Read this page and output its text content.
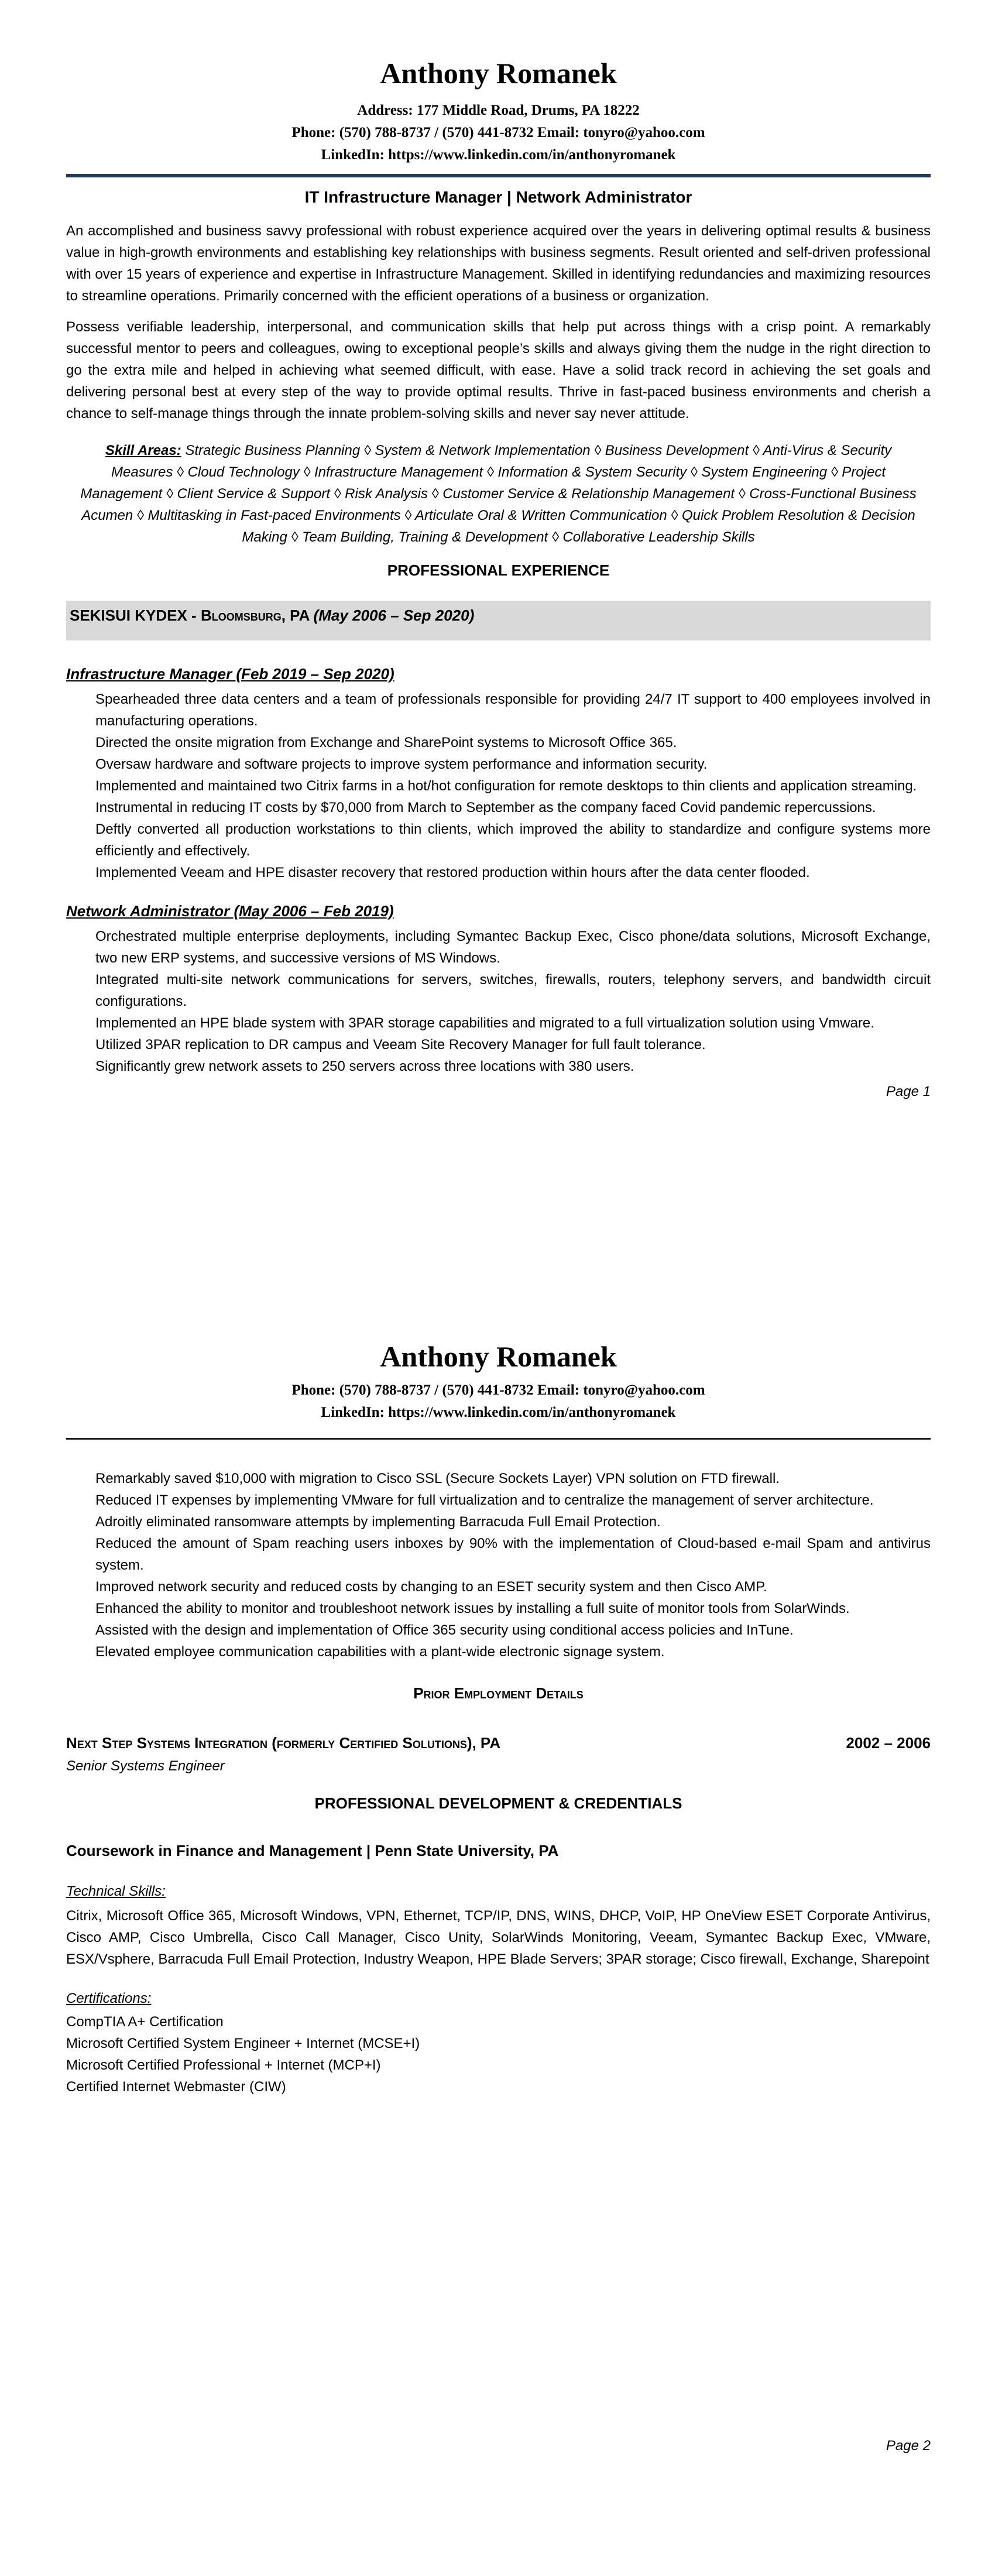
Anthony Romanek
Address: 177 Middle Road, Drums, PA 18222
Phone: (570) 788-8737 / (570) 441-8732 Email: tonyro@yahoo.com
LinkedIn: https://www.linkedin.com/in/anthonyromanek
IT Infrastructure Manager | Network Administrator

An accomplished and business savvy professional with robust experience acquired over the years in delivering optimal results & business value in high-growth environments and establishing key relationships with business segments. Result oriented and self-driven professional with over 15 years of experience and expertise in Infrastructure Management. Skilled in identifying redundancies and maximizing resources to streamline operations. Primarily concerned with the efficient operations of a business or organization.

Possess verifiable leadership, interpersonal, and communication skills that help put across things with a crisp point. A remarkably successful mentor to peers and colleagues, owing to exceptional people’s skills and always giving them the nudge in the right direction to go the extra mile and helped in achieving what seemed difficult, with ease. Have a solid track record in achieving the set goals and delivering personal best at every step of the way to provide optimal results. Thrive in fast-paced business environments and cherish a chance to self-manage things through the innate problem-solving skills and never say never attitude.

Skill Areas: Strategic Business Planning ◊ System & Network Implementation ◊ Business Development ◊ Anti-Virus & Security Measures ◊ Cloud Technology ◊ Infrastructure Management ◊ Information & System Security ◊ System Engineering ◊ Project Management ◊ Client Service & Support ◊ Risk Analysis ◊ Customer Service & Relationship Management ◊ Cross-Functional Business Acumen ◊ Multitasking in Fast-paced Environments ◊ Articulate Oral & Written Communication ◊ Quick Problem Resolution & Decision Making ◊ Team Building, Training & Development ◊ Collaborative Leadership Skills

PROFESSIONAL EXPERIENCE
SEKISUI KYDEX - Bloomsburg, PA (May 2006 – Sep 2020)
Infrastructure Manager (Feb 2019 – Sep 2020)

Spearheaded three data centers and a team of professionals responsible for providing 24/7 IT support to 400 employees involved in manufacturing operations.

Directed the onsite migration from Exchange and SharePoint systems to Microsoft Office 365.

Oversaw hardware and software projects to improve system performance and information security.

Implemented and maintained two Citrix farms in a hot/hot configuration for remote desktops to thin clients and application streaming.

Instrumental in reducing IT costs by $70,000 from March to September as the company faced Covid pandemic repercussions.

Deftly converted all production workstations to thin clients, which improved the ability to standardize and configure systems more efficiently and effectively.

Implemented Veeam and HPE disaster recovery that restored production within hours after the data center flooded.

Network Administrator (May 2006 – Feb 2019)

Orchestrated multiple enterprise deployments, including Symantec Backup Exec, Cisco phone/data solutions, Microsoft Exchange, two new ERP systems, and successive versions of MS Windows.

Integrated multi-site network communications for servers, switches, firewalls, routers, telephony servers, and bandwidth circuit configurations.

Implemented an HPE blade system with 3PAR storage capabilities and migrated to a full virtualization solution using Vmware.

Utilized 3PAR replication to DR campus and Veeam Site Recovery Manager for full fault tolerance.

Significantly grew network assets to 250 servers across three locations with 380 users.

Page 1
Anthony Romanek
Phone: (570) 788-8737 / (570) 441-8732 Email: tonyro@yahoo.com
LinkedIn: https://www.linkedin.com/in/anthonyromanek

Remarkably saved $10,000 with migration to Cisco SSL (Secure Sockets Layer) VPN solution on FTD firewall.

Reduced IT expenses by implementing VMware for full virtualization and to centralize the management of server architecture.

Adroitly eliminated ransomware attempts by implementing Barracuda Full Email Protection.

Reduced the amount of Spam reaching users inboxes by 90% with the implementation of Cloud-based e-mail Spam and antivirus system.

Improved network security and reduced costs by changing to an ESET security system and then Cisco AMP.

Enhanced the ability to monitor and troubleshoot network issues by installing a full suite of monitor tools from SolarWinds.

Assisted with the design and implementation of Office 365 security using conditional access policies and InTune.

Elevated employee communication capabilities with a plant-wide electronic signage system.

Prior Employment Details
Next Step Systems Integration (formerly Certified Solutions), PA	2002 – 2006
Senior Systems Engineer
PROFESSIONAL DEVELOPMENT & CREDENTIALS
Coursework in Finance and Management | Penn State University, PA
Technical Skills:

Citrix, Microsoft Office 365, Microsoft Windows, VPN, Ethernet, TCP/IP, DNS, WINS, DHCP, VoIP, HP OneView ESET Corporate Antivirus, Cisco AMP, Cisco Umbrella, Cisco Call Manager, Cisco Unity, SolarWinds Monitoring, Veeam, Symantec Backup Exec, VMware, ESX/Vsphere, Barracuda Full Email Protection, Industry Weapon, HPE Blade Servers; 3PAR storage; Cisco firewall, Exchange, Sharepoint

Certifications:
CompTIA A+ Certification
Microsoft Certified System Engineer + Internet (MCSE+I)
Microsoft Certified Professional + Internet (MCP+I)
Certified Internet Webmaster (CIW)
Page 2
